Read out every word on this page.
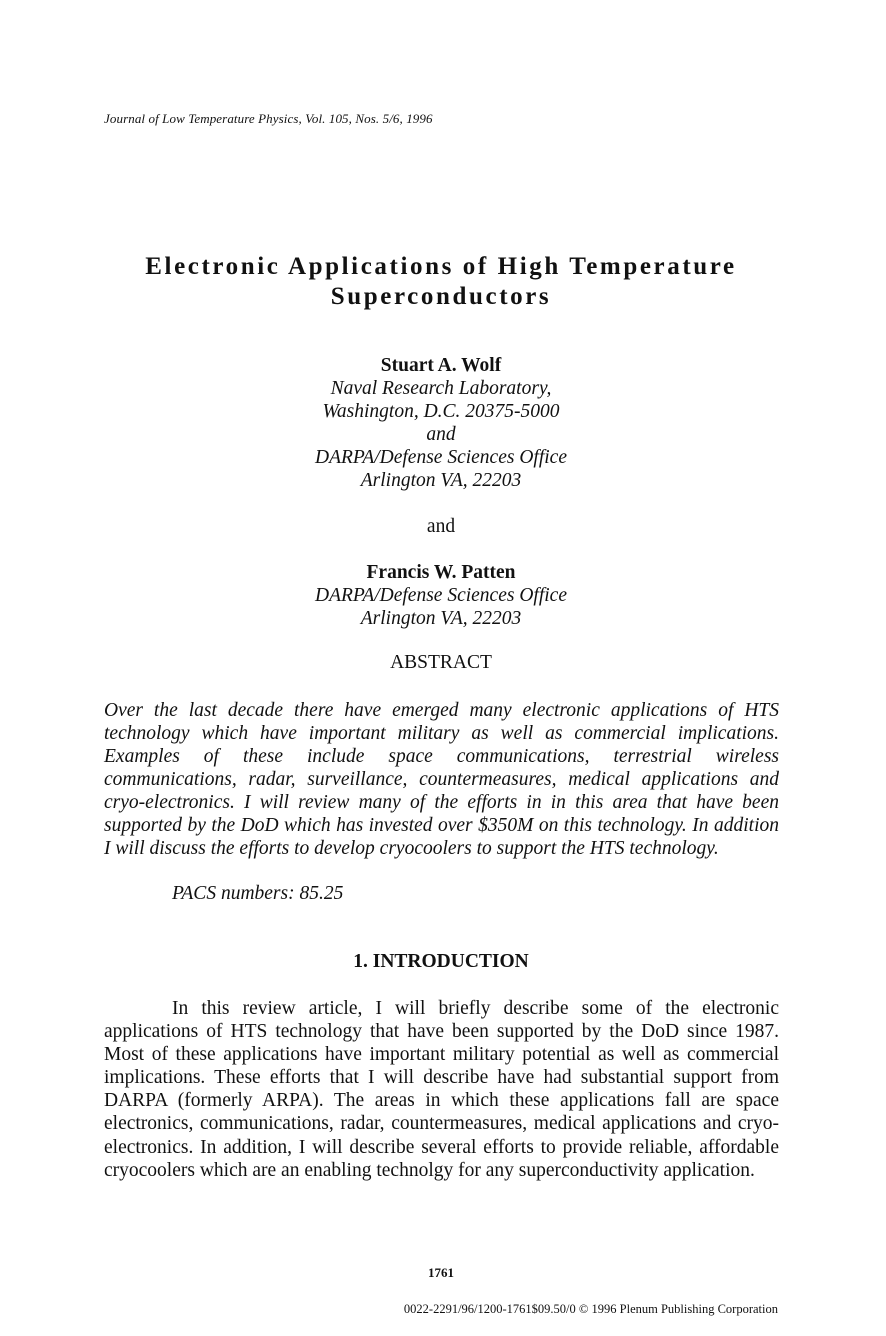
Journal of Low Temperature Physics, Vol. 105, Nos. 5/6, 1996
Electronic Applications of High Temperature Superconductors
Stuart A. Wolf
Naval Research Laboratory,
Washington, D.C. 20375-5000
and
DARPA/Defense Sciences Office
Arlington VA, 22203
and
Francis W. Patten
DARPA/Defense Sciences Office
Arlington VA, 22203
ABSTRACT
Over the last decade there have emerged many electronic applications of HTS technology which have important military as well as commercial implications. Examples of these include space communications, terrestrial wireless communications, radar, surveillance, countermeasures, medical applications and cryo-electronics. I will review many of the efforts in in this area that have been supported by the DoD which has invested over $350M on this technology. In addition I will discuss the efforts to develop cryocoolers to support the HTS technology.
PACS numbers: 85.25
1. INTRODUCTION
In this review article, I will briefly describe some of the electronic applications of HTS technology that have been supported by the DoD since 1987. Most of these applications have important military potential as well as commercial implications. These efforts that I will describe have had substantial support from DARPA (formerly ARPA). The areas in which these applications fall are space electronics, communications, radar, countermeasures, medical applications and cryo-electronics. In addition, I will describe several efforts to provide reliable, affordable cryocoolers which are an enabling technolgy for any superconductivity application.
1761
0022-2291/96/1200-1761$09.50/0 © 1996 Plenum Publishing Corporation
